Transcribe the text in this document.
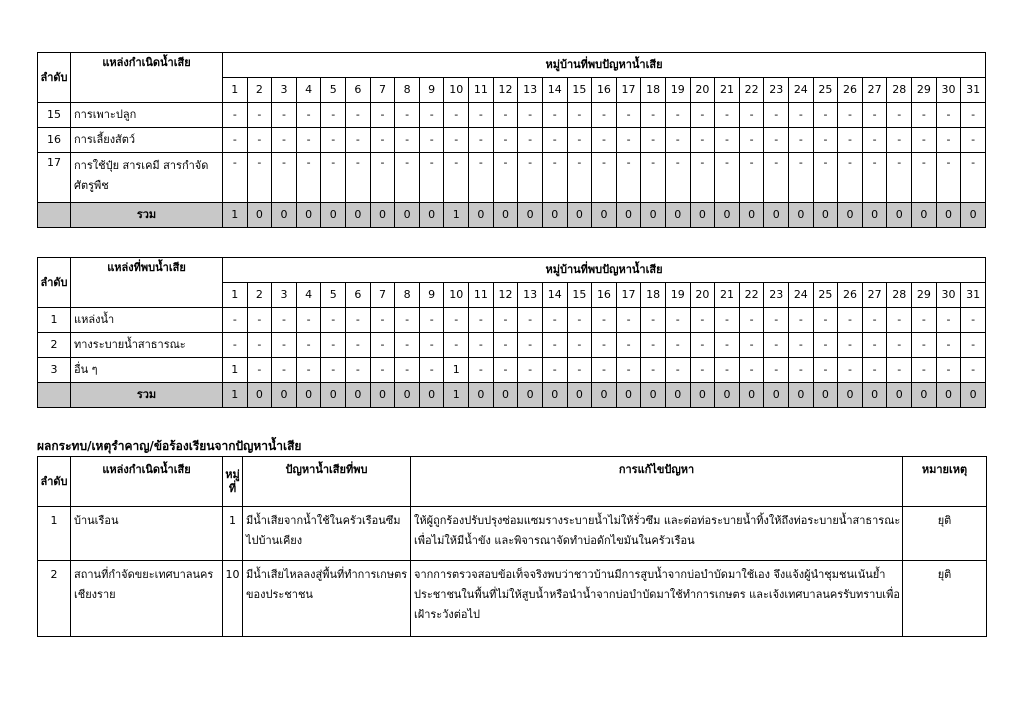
ลำดับ	แหล่งกำเนิดน้ำเสีย	หมู่บ้านที่พบปัญหาน้ำเสีย																														
		1	2	3	4	5	6	7	8	9	10	11	12	13	14	15	16	17	18	19	20	21	22	23	24	25	26	27	28	29	30	31
15	การเพาะปลูก	-	-	-	-	-	-	-	-	-	-	-	-	-	-	-	-	-	-	-	-	-	-	-	-	-	-	-	-	-	-	-
16	การเลี้ยงสัตว์	-	-	-	-	-	-	-	-	-	-	-	-	-	-	-	-	-	-	-	-	-	-	-	-	-	-	-	-	-	-	-
17	การใช้ปุ๋ย สารเคมี สารกำจัดศัตรูพืช	-	-	-	-	-	-	-	-	-	-	-	-	-	-	-	-	-	-	-	-	-	-	-	-	-	-	-	-	-	-	-
	รวม	1	0	0	0	0	0	0	0	0	1	0	0	0	0	0	0	0	0	0	0	0	0	0	0	0	0	0	0	0	0	0
ลำดับ	แหล่งที่พบน้ำเสีย	หมู่บ้านที่พบปัญหาน้ำเสีย																														
		1	2	3	4	5	6	7	8	9	10	11	12	13	14	15	16	17	18	19	20	21	22	23	24	25	26	27	28	29	30	31
1	แหล่งน้ำ	-	-	-	-	-	-	-	-	-	-	-	-	-	-	-	-	-	-	-	-	-	-	-	-	-	-	-	-	-	-	-
2	ทางระบายน้ำสาธารณะ	-	-	-	-	-	-	-	-	-	-	-	-	-	-	-	-	-	-	-	-	-	-	-	-	-	-	-	-	-	-	-
3	อื่น ๆ	1	-	-	-	-	-	-	-	-	1	-	-	-	-	-	-	-	-	-	-	-	-	-	-	-	-	-	-	-	-	-
	รวม	1	0	0	0	0	0	0	0	0	1	0	0	0	0	0	0	0	0	0	0	0	0	0	0	0	0	0	0	0	0	0
ผลกระทบ/เหตุรำคาญ/ข้อร้องเรียนจากปัญหาน้ำเสีย
ลำดับ	แหล่งกำเนิดน้ำเสีย	หมู่ที่	ปัญหาน้ำเสียที่พบ	การแก้ไขปัญหา	หมายเหตุ
1	บ้านเรือน	1	มีน้ำเสียจากน้ำใช้ในครัวเรือนซึมไปบ้านเคียง	ให้ผู้ถูกร้องปรับปรุงซ่อมแซมรางระบายน้ำไม่ให้รั่วซึม และต่อท่อระบายน้ำทิ้งให้ถึงท่อระบายน้ำสาธารณะเพื่อไม่ให้มีน้ำขัง และพิจารณาจัดทำบ่อดักไขมันในครัวเรือน	ยุติ
2	สถานที่กำจัดขยะเทศบาลนครเชียงราย	10	มีน้ำเสียไหลลงสู่พื้นที่ทำการเกษตรของประชาชน	จากการตรวจสอบข้อเท็จจริงพบว่าชาวบ้านมีการสูบน้ำจากบ่อบำบัดมาใช้เอง จึงแจ้งผู้นำชุมชนเน้นย้ำประชาชนในพื้นที่ไม่ให้สูบน้ำหรือนำน้ำจากบ่อบำบัดมาใช้ทำการเกษตร และเจ้งเทศบาลนครรับทราบเพื่อเฝ้าระวังต่อไป	ยุติ
